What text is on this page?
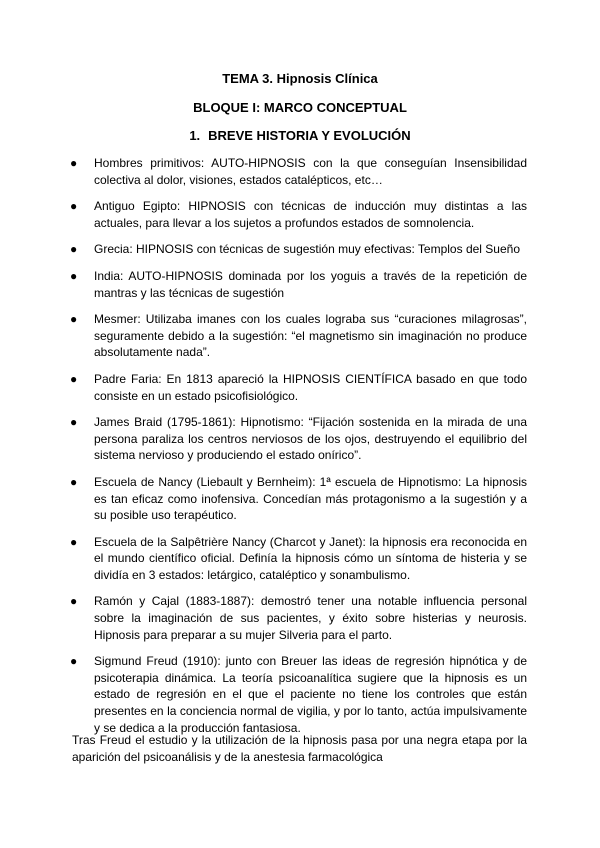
TEMA 3. Hipnosis Clínica
BLOQUE I: MARCO CONCEPTUAL
1. BREVE HISTORIA Y EVOLUCIÓN
● Hombres primitivos: AUTO-HIPNOSIS con la que conseguían Insensibilidad colectiva al dolor, visiones, estados catalépticos, etc…
● Antiguo Egipto: HIPNOSIS con técnicas de inducción muy distintas a las actuales, para llevar a los sujetos a profundos estados de somnolencia.
● Grecia: HIPNOSIS con técnicas de sugestión muy efectivas: Templos del Sueño
● India: AUTO-HIPNOSIS dominada por los yoguis a través de la repetición de mantras y las técnicas de sugestión
● Mesmer: Utilizaba imanes con los cuales lograba sus “curaciones milagrosas”, seguramente debido a la sugestión: “el magnetismo sin imaginación no produce absolutamente nada”.
● Padre Faria: En 1813 apareció la HIPNOSIS CIENTÍFICA basado en que todo consiste en un estado psicofisiológico.
● James Braid (1795-1861): Hipnotismo: “Fijación sostenida en la mirada de una persona paraliza los centros nerviosos de los ojos, destruyendo el equilibrio del sistema nervioso y produciendo el estado onírico”.
● Escuela de Nancy (Liebault y Bernheim): 1ª escuela de Hipnotismo: La hipnosis es tan eficaz como inofensiva. Concedían más protagonismo a la sugestión y a su posible uso terapéutico.
● Escuela de la Salpêtrière Nancy (Charcot y Janet): la hipnosis era reconocida en el mundo científico oficial. Definía la hipnosis cómo un síntoma de histeria y se dividía en 3 estados: letárgico, cataléptico y sonambulismo.
● Ramón y Cajal (1883-1887): demostró tener una notable influencia personal sobre la imaginación de sus pacientes, y éxito sobre histerias y neurosis. Hipnosis para preparar a su mujer Silveria para el parto.
● Sigmund Freud (1910): junto con Breuer las ideas de regresión hipnótica y de psicoterapia dinámica. La teoría psicoanalítica sugiere que la hipnosis es un estado de regresión en el que el paciente no tiene los controles que están presentes en la conciencia normal de vigilia, y por lo tanto, actúa impulsivamente y se dedica a la producción fantasiosa.

Tras Freud el estudio y la utilización de la hipnosis pasa por una negra etapa por la aparición del psicoanálisis y de la anestesia farmacológica
